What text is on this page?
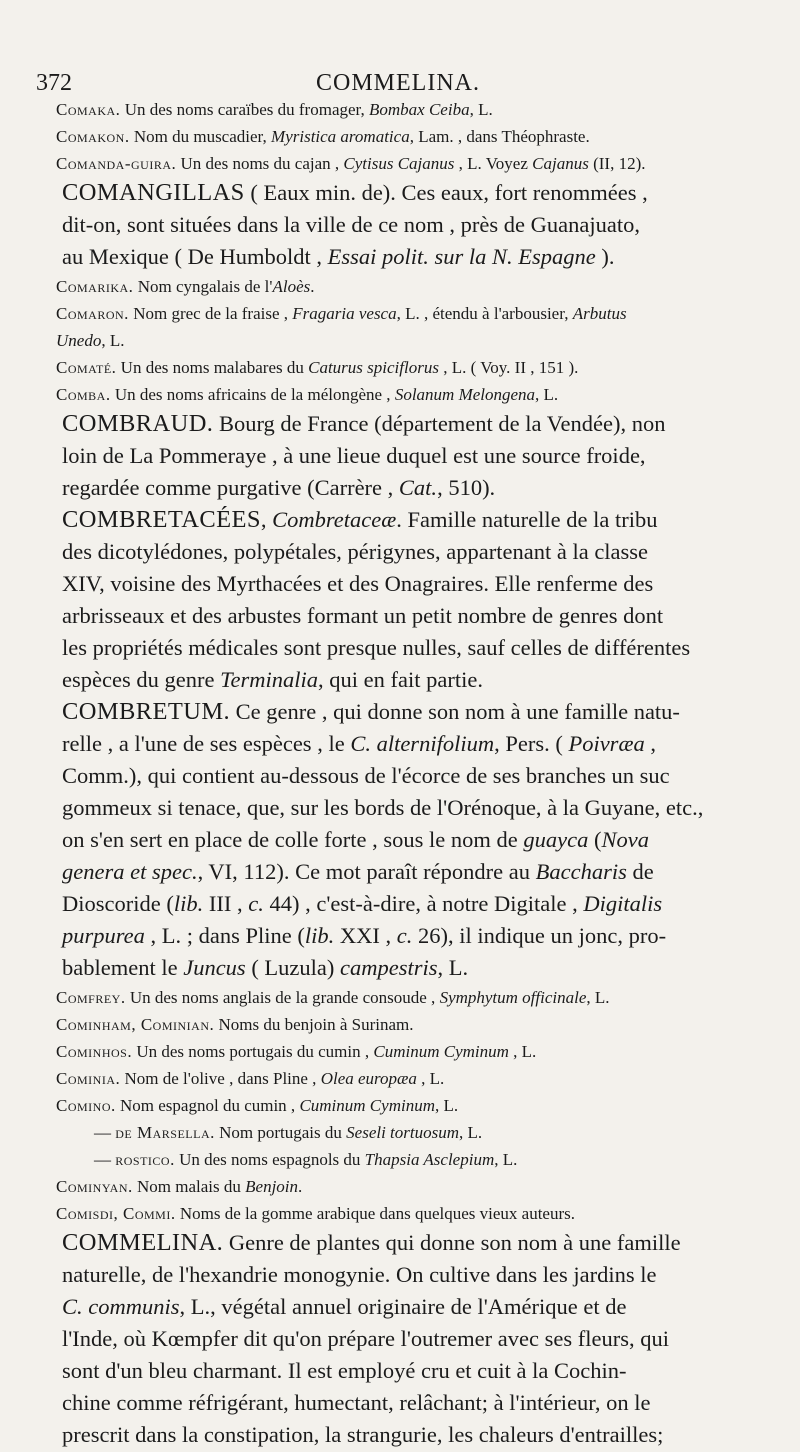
372	COMMELINA.

Comaka. Un des noms caraïbes du fromager, Bombax Ceiba, L.

Comakon. Nom du muscadier, Myristica aromatica, Lam. , dans Théophraste.

Comanda-guira. Un des noms du cajan , Cytisus Cajanus , L. Voyez Cajanus (II, 12).

COMANGILLAS ( Eaux min. de). Ces eaux, fort renommées ,
dit-on, sont situées dans la ville de ce nom , près de Guanajuato,
au Mexique ( De Humboldt , Essai polit. sur la N. Espagne ).

Comarika. Nom cyngalais de l'Aloès.

Comaron. Nom grec de la fraise , Fragaria vesca, L. , étendu à l'arbousier, Arbutus
Unedo, L.

Comaté. Un des noms malabares du Caturus spiciflorus , L. ( Voy. II , 151 ).

Comba. Un des noms africains de la mélongène , Solanum Melongena, L.

COMBRAUD. Bourg de France (département de la Vendée), non
loin de La Pommeraye , à une lieue duquel est une source froide,
regardée comme purgative (Carrère , Cat., 510).

COMBRETACÉES, Combretaceæ. Famille naturelle de la tribu
des dicotylédones, polypétales, périgynes, appartenant à la classe
XIV, voisine des Myrthacées et des Onagraires. Elle renferme des
arbrisseaux et des arbustes formant un petit nombre de genres dont
les propriétés médicales sont presque nulles, sauf celles de différentes
espèces du genre Terminalia, qui en fait partie.

COMBRETUM. Ce genre , qui donne son nom à une famille natu-
relle , a l'une de ses espèces , le C. alternifolium, Pers. ( Poivræa ,
Comm.), qui contient au-dessous de l'écorce de ses branches un suc
gommeux si tenace, que, sur les bords de l'Orénoque, à la Guyane, etc.,
on s'en sert en place de colle forte , sous le nom de guayca (Nova
genera et spec., VI, 112). Ce mot paraît répondre au Baccharis de
Dioscoride (lib. III , c. 44) , c'est-à-dire, à notre Digitale , Digitalis
purpurea , L. ; dans Pline (lib. XXI , c. 26), il indique un jonc, pro-
bablement le Juncus ( Luzula) campestris, L.

Comfrey. Un des noms anglais de la grande consoude , Symphytum officinale, L.

Cominham, Cominian. Noms du benjoin à Surinam.

Cominhos. Un des noms portugais du cumin , Cuminum Cyminum , L.

Cominia. Nom de l'olive , dans Pline , Olea europæa , L.

Comino. Nom espagnol du cumin , Cuminum Cyminum, L.

— de Marsella. Nom portugais du Seseli tortuosum, L.

— rostico. Un des noms espagnols du Thapsia Asclepium, L.

Cominyan. Nom malais du Benjoin.

Comisdi, Commi. Noms de la gomme arabique dans quelques vieux auteurs.

COMMELINA. Genre de plantes qui donne son nom à une famille
naturelle, de l'hexandrie monogynie. On cultive dans les jardins le
C. communis, L., végétal annuel originaire de l'Amérique et de
l'Inde, où Kœmpfer dit qu'on prépare l'outremer avec ses fleurs, qui
sont d'un bleu charmant. Il est employé cru et cuit à la Cochin-
chine comme réfrigérant, humectant, relâchant; à l'intérieur, on le
prescrit dans la constipation, la strangurie, les chaleurs d'entrailles;
